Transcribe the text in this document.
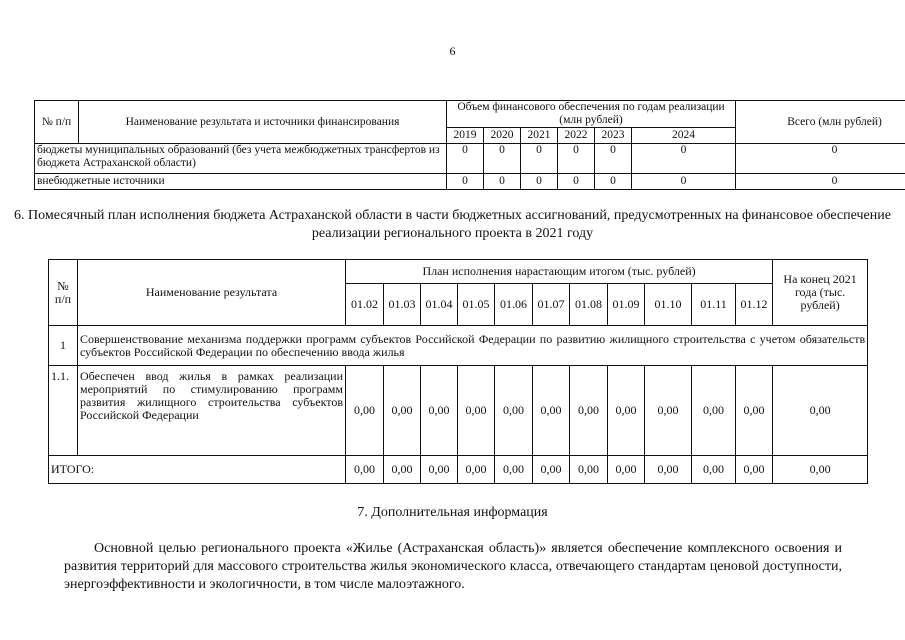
6
№ п/п	Наименование результата и источники финансирования	Объем финансового обеспечения по годам реализации (млн рублей)						Всего (млн рублей)
		2019	2020	2021	2022	2023	2024	
бюджеты муниципальных образований (без учета межбюджетных трансфертов из бюджета Астраханской области)		0	0	0	0	0	0	0
внебюджетные источники		0	0	0	0	0	0	0
6. Помесячный план исполнения бюджета Астраханской области в части бюджетных ассигнований, предусмотренных на финансовое обеспечение реализации регионального проекта в 2021 году
№ п/п	Наименование результата	План исполнения нарастающим итогом (тыс. рублей)											На конец 2021 года (тыс. рублей)
		01.02	01.03	01.04	01.05	01.06	01.07	01.08	01.09	01.10	01.11	01.12	
1	Совершенствование механизма поддержки программ субъектов Российской Федерации по развитию жилищного строительства с учетом обязательств субъектов Российской Федерации по обеспечению ввода жилья												
1.1.	Обеспечен ввод жилья в рамках реализации мероприятий по стимулированию программ развития жилищного строительства субъектов Российской Федерации	0,00	0,00	0,00	0,00	0,00	0,00	0,00	0,00	0,00	0,00	0,00	0,00
ИТОГО:		0,00	0,00	0,00	0,00	0,00	0,00	0,00	0,00	0,00	0,00	0,00	0,00
7. Дополнительная информация
Основной целью регионального проекта «Жилье (Астраханская область)» является обеспечение комплексного освоения и развития территорий для массового строительства жилья экономического класса, отвечающего стандартам ценовой доступности, энергоэффективности и экологичности, в том числе малоэтажного.
